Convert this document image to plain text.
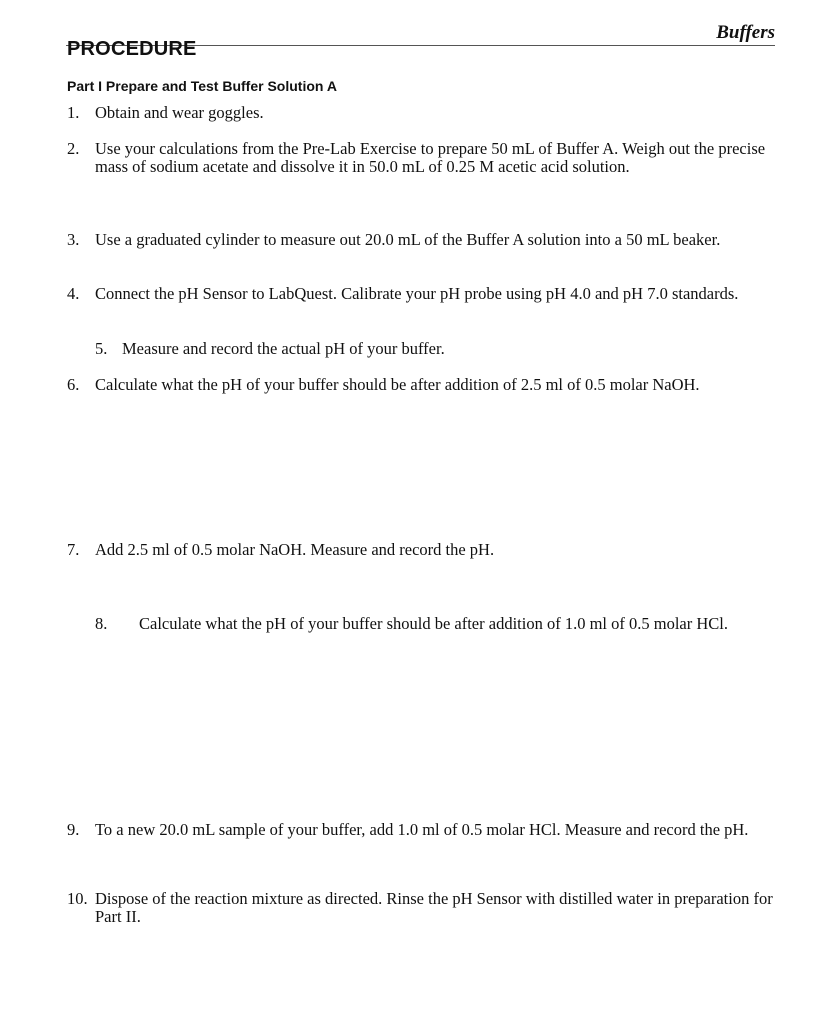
Buffers
PROCEDURE
Part I Prepare and Test Buffer Solution A
1. Obtain and wear goggles.
2. Use your calculations from the Pre-Lab Exercise to prepare 50 mL of Buffer A. Weigh out the precise mass of sodium acetate and dissolve it in 50.0 mL of 0.25 M acetic acid solution.
3. Use a graduated cylinder to measure out 20.0 mL of the Buffer A solution into a 50 mL beaker.
4. Connect the pH Sensor to LabQuest. Calibrate your pH probe using pH 4.0 and pH 7.0 standards.
5. Measure and record the actual pH of your buffer.
6. Calculate what the pH of your buffer should be after addition of 2.5 ml of 0.5 molar NaOH.
7. Add 2.5 ml of 0.5 molar NaOH. Measure and record the pH.
8.	Calculate what the pH of your buffer should be after addition of 1.0 ml of 0.5 molar HCl.
9. To a new 20.0 mL sample of your buffer, add 1.0 ml of 0.5 molar HCl. Measure and record the pH.
10. Dispose of the reaction mixture as directed. Rinse the pH Sensor with distilled water in preparation for Part II.
